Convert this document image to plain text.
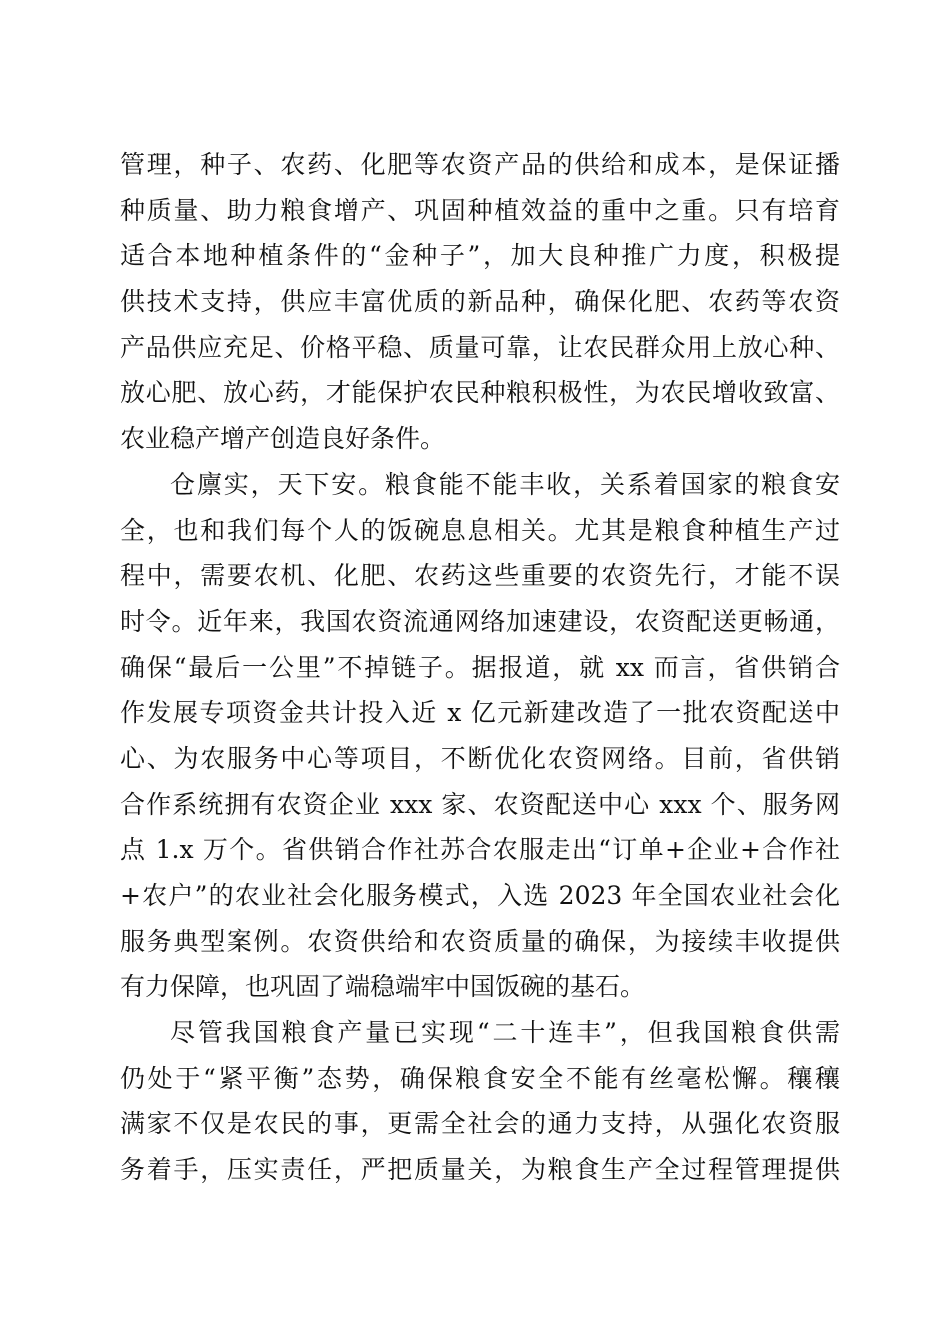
管理，种子、农药、化肥等农资产品的供给和成本，是保证播
种质量、助力粮食增产、巩固种植效益的重中之重。只有培育
适合本地种植条件的“金种子”，加大良种推广力度，积极提
供技术支持，供应丰富优质的新品种，确保化肥、农药等农资
产品供应充足、价格平稳、质量可靠，让农民群众用上放心种、
放心肥、放心药，才能保护农民种粮积极性，为农民增收致富、
农业稳产增产创造良好条件。
仓廪实，天下安。粮食能不能丰收，关系着国家的粮食安
全，也和我们每个人的饭碗息息相关。尤其是粮食种植生产过
程中，需要农机、化肥、农药这些重要的农资先行，才能不误
时令。近年来，我国农资流通网络加速建设，农资配送更畅通，
确保“最后一公里”不掉链子。据报道，就 xx 而言，省供销合
作发展专项资金共计投入近 x 亿元新建改造了一批农资配送中
心、为农服务中心等项目，不断优化农资网络。目前，省供销
合作系统拥有农资企业 xxx 家、农资配送中心 xxx 个、服务网
点 1.x 万个。省供销合作社苏合农服走出“订单+企业+合作社
+农户”的农业社会化服务模式，入选 2023 年全国农业社会化
服务典型案例。农资供给和农资质量的确保，为接续丰收提供
有力保障，也巩固了端稳端牢中国饭碗的基石。
尽管我国粮食产量已实现“二十连丰”，但我国粮食供需
仍处于“紧平衡”态势，确保粮食安全不能有丝毫松懈。穰穰
满家不仅是农民的事，更需全社会的通力支持，从强化农资服
务着手，压实责任，严把质量关，为粮食生产全过程管理提供
